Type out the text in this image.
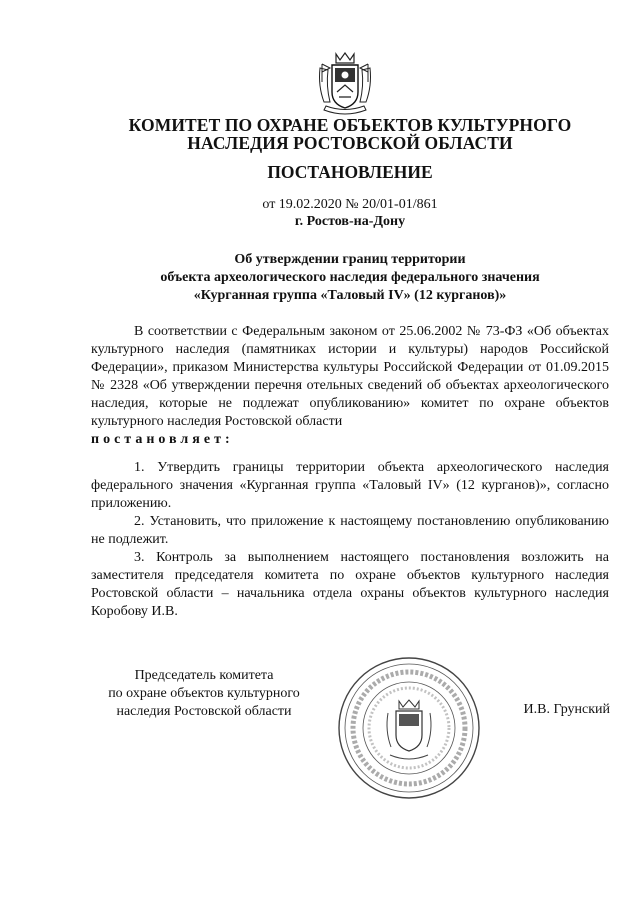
КОМИТЕТ ПО ОХРАНЕ ОБЪЕКТОВ КУЛЬТУРНОГО
НАСЛЕДИЯ РОСТОВСКОЙ ОБЛАСТИ
ПОСТАНОВЛЕНИЕ
от 19.02.2020 № 20/01-01/861
г. Ростов-на-Дону
Об утверждении границ территории
объекта археологического наследия федерального значения
«Курганная группа «Таловый IV» (12 курганов)»

В соответствии с Федеральным законом от 25.06.2002 № 73-ФЗ «Об объектах культурного наследия (памятниках истории и культуры) народов Российской Федерации», приказом Министерства культуры Российской Федерации от 01.09.2015 № 2328 «Об утверждении перечня отельных сведений об объектах археологического наследия, которые не подлежат опубликованию» комитет по охране объектов культурного наследия Ростовской области
постановляет:

1. Утвердить границы территории объекта археологического наследия федерального значения «Курганная группа «Таловый IV» (12 курганов)», согласно приложению.

2. Установить, что приложение к настоящему постановлению опубликованию не подлежит.

3. Контроль за выполнением настоящего постановления возложить на заместителя председателя комитета по охране объектов культурного наследия Ростовской области – начальника отдела охраны объектов культурного наследия Коробову И.В.

Председатель комитета
по охране объектов культурного
наследия Ростовской области	И.В. Грунский
